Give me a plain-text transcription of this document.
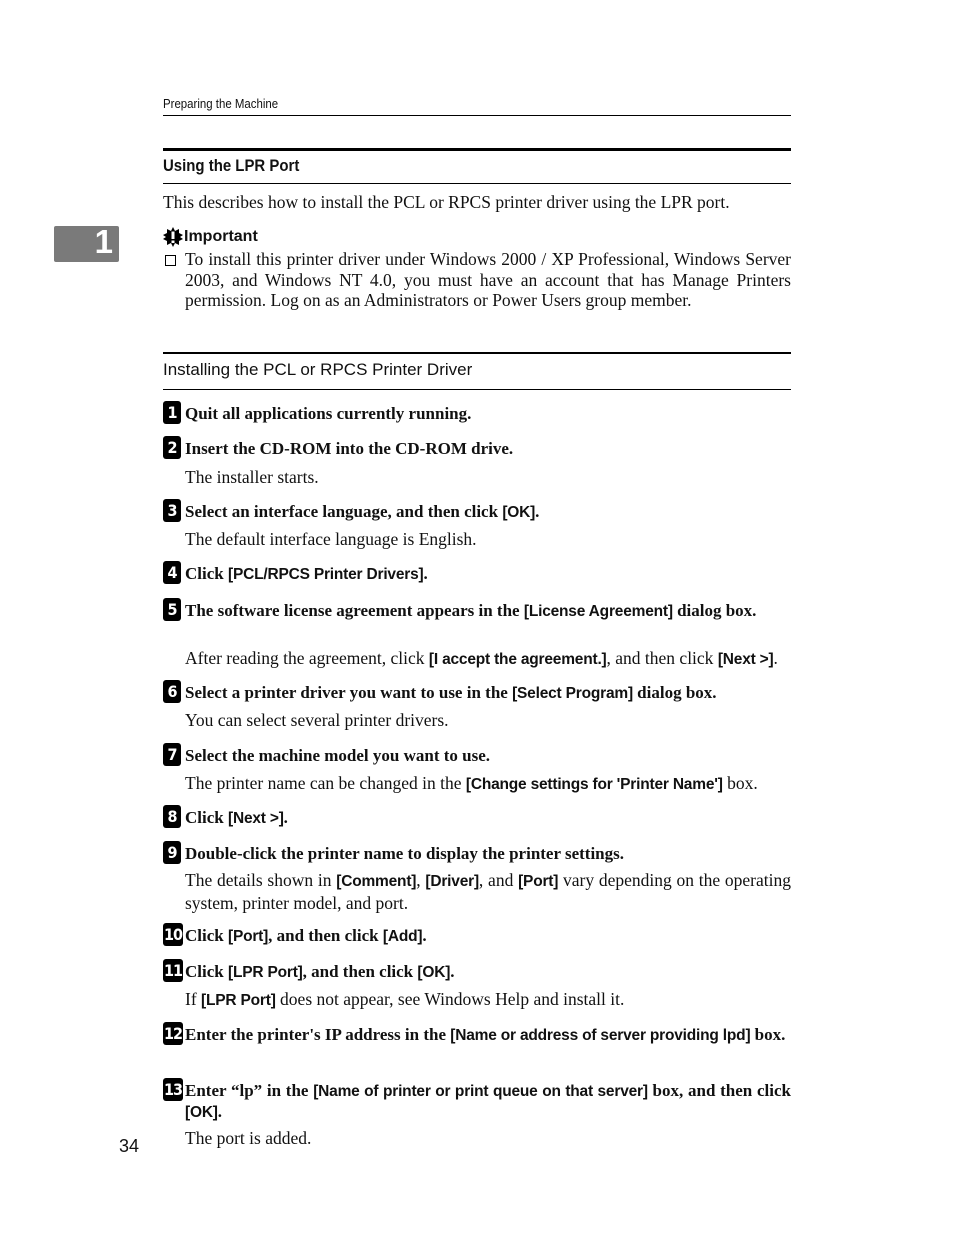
Preparing the Machine
Using the LPR Port
This describes how to install the PCL or RPCS printer driver using the LPR port.
1	Important
To install this printer driver under Windows 2000 / XP Professional, Windows Server 2003, and Windows NT 4.0, you must have an account that has Manage Printers permission. Log on as an Administrators or Power Users group member.
Installing the PCL or RPCS Printer Driver
1 Quit all applications currently running.
2 Insert the CD-ROM into the CD-ROM drive.
The installer starts.
3 Select an interface language, and then click [OK].
The default interface language is English.
4 Click [PCL/RPCS Printer Drivers].
5 The software license agreement appears in the [License Agreement] dialog box.
After reading the agreement, click [I accept the agreement.], and then click [Next >].
6 Select a printer driver you want to use in the [Select Program] dialog box.
You can select several printer drivers.
7 Select the machine model you want to use.
The printer name can be changed in the [Change settings for 'Printer Name'] box.
8 Click [Next >].
9 Double-click the printer name to display the printer settings.
The details shown in [Comment], [Driver], and [Port] vary depending on the operating system, printer model, and port.
10 Click [Port], and then click [Add].
11 Click [LPR Port], and then click [OK].
If [LPR Port] does not appear, see Windows Help and install it.
12 Enter the printer's IP address in the [Name or address of server providing lpd] box.
13 Enter “lp” in the [Name of printer or print queue on that server] box, and then click [OK].
The port is added.
34
